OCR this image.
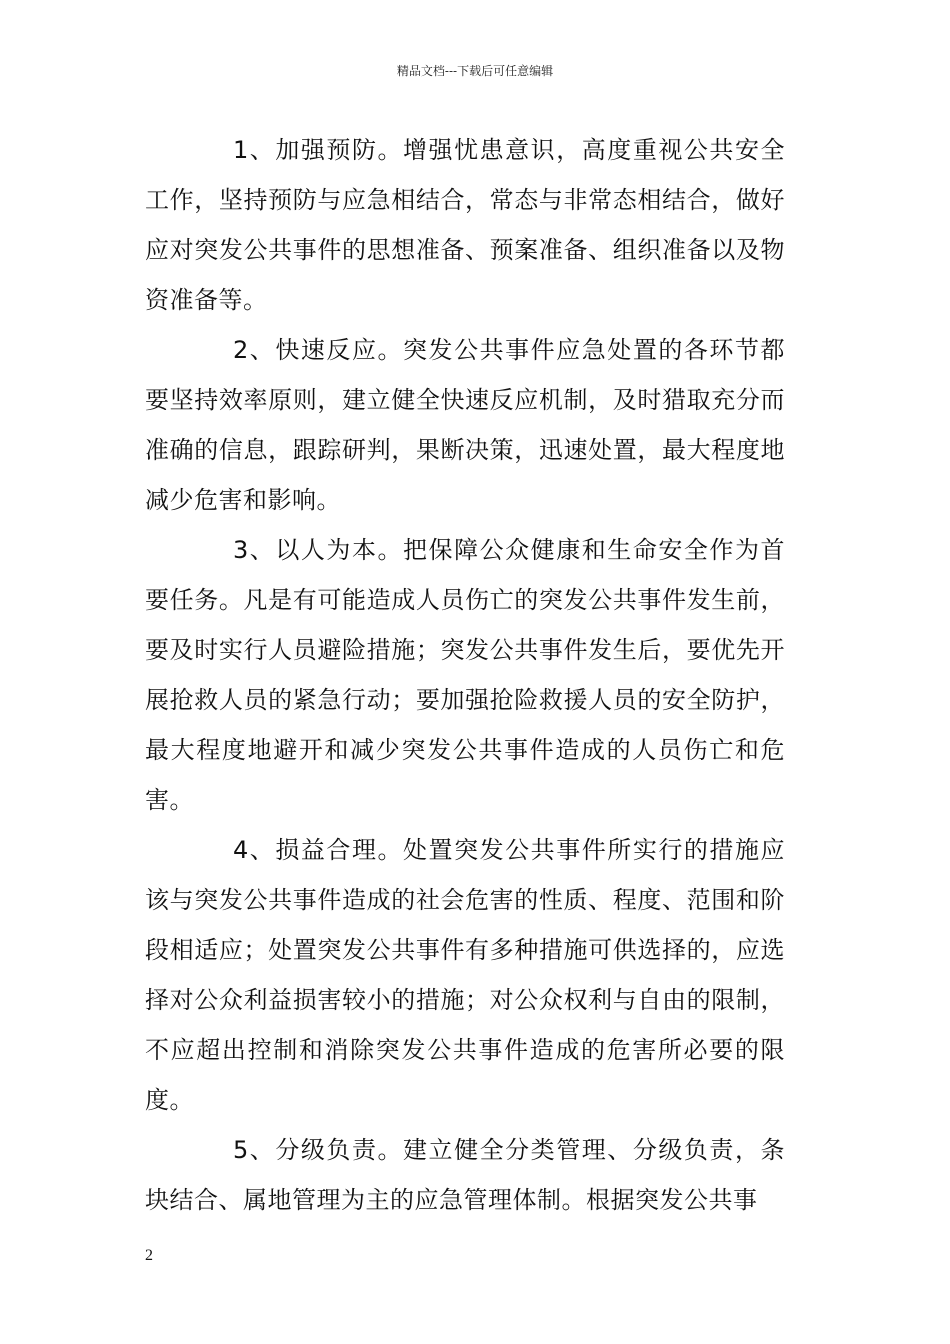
精品文档---下载后可任意编辑

1、加强预防。增强忧患意识，高度重视公共安全工作，坚持预防与应急相结合，常态与非常态相结合，做好应对突发公共事件的思想准备、预案准备、组织准备以及物资准备等。

2、快速反应。突发公共事件应急处置的各环节都要坚持效率原则，建立健全快速反应机制，及时猎取充分而准确的信息，跟踪研判，果断决策，迅速处置，最大程度地减少危害和影响。

3、以人为本。把保障公众健康和生命安全作为首要任务。凡是有可能造成人员伤亡的突发公共事件发生前，要及时实行人员避险措施；突发公共事件发生后，要优先开展抢救人员的紧急行动；要加强抢险救援人员的安全防护，最大程度地避开和减少突发公共事件造成的人员伤亡和危害。

4、损益合理。处置突发公共事件所实行的措施应该与突发公共事件造成的社会危害的性质、程度、范围和阶段相适应；处置突发公共事件有多种措施可供选择的，应选择对公众利益损害较小的措施；对公众权利与自由的限制，不应超出控制和消除突发公共事件造成的危害所必要的限度。

5、分级负责。建立健全分类管理、分级负责，条块结合、属地管理为主的应急管理体制。根据突发公共事

2
